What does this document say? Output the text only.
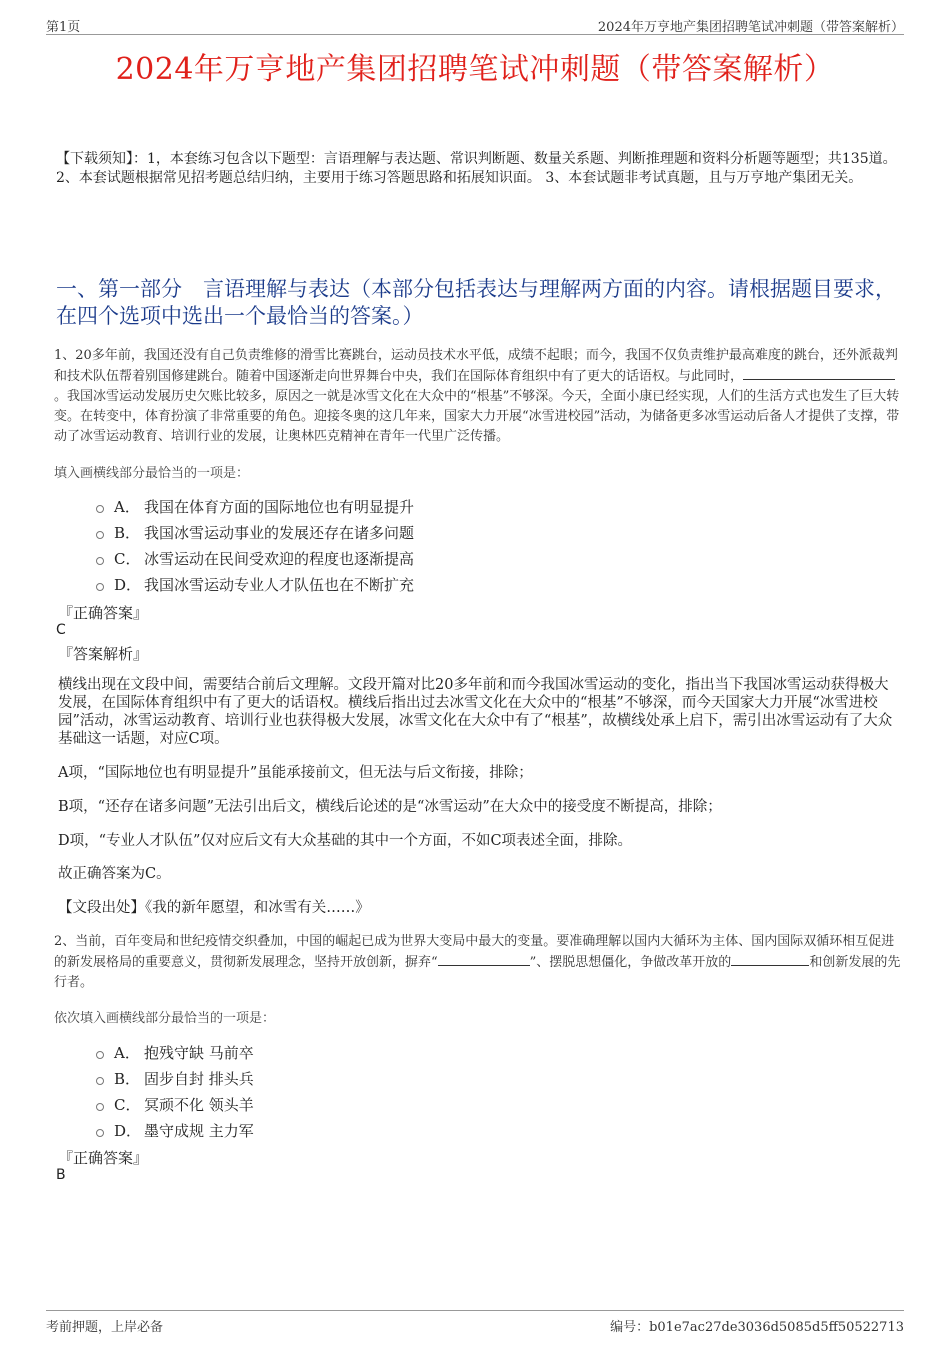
第1页	2024年万亨地产集团招聘笔试冲刺题（带答案解析）
2024年万亨地产集团招聘笔试冲刺题（带答案解析）
【下载须知】：1，本套练习包含以下题型：言语理解与表达题、常识判断题、数量关系题、判断推理题和资料分析题等题型；共135道。 2、本套试题根据常见招考题总结归纳，主要用于练习答题思路和拓展知识面。 3、本套试题非考试真题，且与万亨地产集团无关。
一、第一部分　言语理解与表达（本部分包括表达与理解两方面的内容。请根据题目要求，在四个选项中选出一个最恰当的答案。）
1、20多年前，我国还没有自己负责维修的滑雪比赛跳台，运动员技术水平低，成绩不起眼；而今，我国不仅负责维护最高难度的跳台，还外派裁判和技术队伍帮着别国修建跳台。随着中国逐渐走向世界舞台中央，我们在国际体育组织中有了更大的话语权。与此同时，。我国冰雪运动发展历史欠账比较多，原因之一就是冰雪文化在大众中的“根基”不够深。今天，全面小康已经实现，人们的生活方式也发生了巨大转变。在转变中，体育扮演了非常重要的角色。迎接冬奥的这几年来，国家大力开展“冰雪进校园”活动，为储备更多冰雪运动后备人才提供了支撑，带动了冰雪运动教育、培训行业的发展，让奥林匹克精神在青年一代里广泛传播。
填入画横线部分最恰当的一项是：
A． 我国在体育方面的国际地位也有明显提升
B． 我国冰雪运动事业的发展还存在诸多问题
C． 冰雪运动在民间受欢迎的程度也逐渐提高
D． 我国冰雪运动专业人才队伍也在不断扩充
『正确答案』
C
『答案解析』
横线出现在文段中间，需要结合前后文理解。文段开篇对比20多年前和而今我国冰雪运动的变化，指出当下我国冰雪运动获得极大发展，在国际体育组织中有了更大的话语权。横线后指出过去冰雪文化在大众中的“根基”不够深，而今天国家大力开展“冰雪进校园”活动，冰雪运动教育、培训行业也获得极大发展，冰雪文化在大众中有了“根基”，故横线处承上启下，需引出冰雪运动有了大众基础这一话题，对应C项。
A项，“国际地位也有明显提升”虽能承接前文，但无法与后文衔接，排除；
B项，“还存在诸多问题”无法引出后文，横线后论述的是“冰雪运动”在大众中的接受度不断提高，排除；
D项，“专业人才队伍”仅对应后文有大众基础的其中一个方面，不如C项表述全面，排除。
故正确答案为C。
【文段出处】《我的新年愿望，和冰雪有关……》
2、当前，百年变局和世纪疫情交织叠加，中国的崛起已成为世界大变局中最大的变量。要准确理解以国内大循环为主体、国内国际双循环相互促进的新发展格局的重要意义，贯彻新发展理念，坚持开放创新，摒弃“	”、摆脱思想僵化，争做改革开放的	和创新发展的先行者。
依次填入画横线部分最恰当的一项是：
A． 抱残守缺 马前卒
B． 固步自封 排头兵
C． 冥顽不化 领头羊
D． 墨守成规 主力军
『正确答案』
B
考前押题，上岸必备	编号：b01e7ac27de3036d5085d5ff50522713
